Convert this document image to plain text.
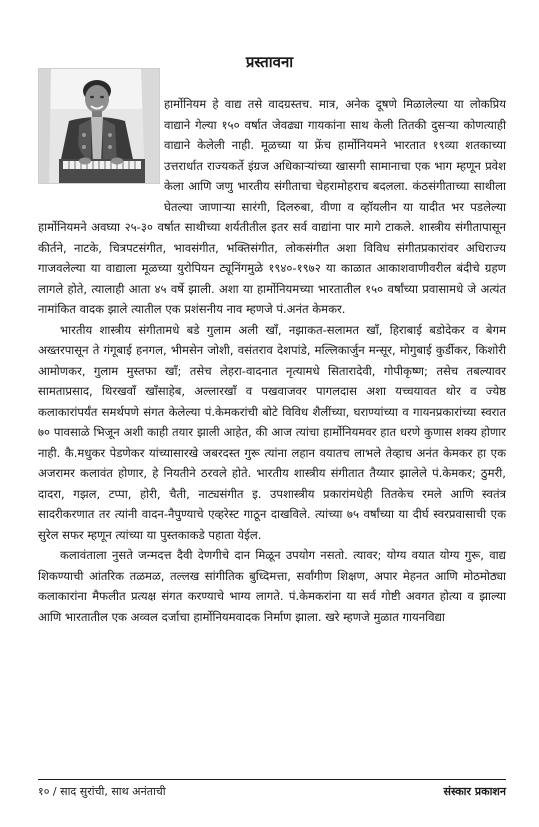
प्रस्तावना

हार्मोनियम हे वाद्य तसे वादग्रस्तच. मात्र, अनेक दूषणे मिळालेल्या या लोकप्रिय वाद्याने गेल्या १५० वर्षात जेवढ्या गायकांना साथ केली तितकी दुसऱ्या कोणत्याही वाद्याने केलेली नाही. मूळच्या या फ्रेंच हार्मोनियमने भारतात १९व्या शतकाच्या उत्तरार्धात राज्यकर्ते इंग्रज अधिकाऱ्यांच्या खासगी सामानाचा एक भाग म्हणून प्रवेश केला आणि जणु भारतीय संगीताचा चेहरामोहराच बदलला. कंठसंगीताच्या साथीला घेतल्या जाणाऱ्या सारंगी, दिलरुबा, वीणा व व्हॉयलीन या यादीत भर पडलेल्या हार्मोनियमने अवघ्या २५-३० वर्षात साथीच्या शर्यतीतील इतर सर्व वाद्यांना पार मागे टाकले. शास्त्रीय संगीतापासून कीर्तने, नाटके, चित्रपटसंगीत, भावसंगीत, भक्तिसंगीत, लोकसंगीत अशा विविध संगीतप्रकारांवर अधिराज्य गाजवलेल्या या वाद्याला मूळच्या युरोपियन ट्यूनिंगमुळे १९४०-१९७२ या काळात आकाशवाणीवरील बंदीचे ग्रहण लागले होते, त्यालाही आता ४५ वर्षे झाली. अशा या हार्मोनियमच्या भारतातील १५० वर्षांच्या प्रवासामधे जे अत्यंत नामांकित वादक झाले त्यातील एक प्रशंसनीय नाव म्हणजे पं.अनंत केमकर.

भारतीय शास्त्रीय संगीतामधे बडे गुलाम अली खाँ, नझाकत-सलामत खाँ, हिराबाई बडोदेकर व बेगम अख्तरपासून ते गंगूबाई हनगल, भीमसेन जोशी, वसंतराव देशपांडे, मल्लिकार्जुन मन्सूर, मोगुबाई कुर्डीकर, किशोरी आमोणकर, गुलाम मुस्तफा खाँ; तसेच लेहरा-वादनात नृत्यामधे सितारादेवी, गोपीकृष्ण; तसेच तबल्यावर सामताप्रसाद, थिरखवाँ खाँसाहेब, अल्लारखाँ व पखवाजवर पागलदास अशा यच्चयावत थोर व ज्येष्ठ कलाकारांपर्यंत समर्थपणे संगत केलेल्या पं.केमकरांची बोटे विविध शैलींच्या, घराण्यांच्या व गायनप्रकारांच्या स्वरात ७० पावसाळे भिजून अशी काही तयार झाली आहेत, की आज त्यांचा हार्मोनियमवर हात धरणे कुणास शक्य होणार नाही. कै.मधुकर पेडणेकर यांच्यासारखे जबरदस्त गुरू त्यांना लहान वयातच लाभले तेव्हाच अनंत केमकर हा एक अजरामर कलावंत होणार, हे नियतीने ठरवले होते. भारतीय शास्त्रीय संगीतात तैय्यार झालेले पं.केमकर; ठुमरी, दादरा, गझल, टप्पा, होरी, चैती, नाट्यसंगीत इ. उपशास्त्रीय प्रकारांमधेही तितकेच रमले आणि स्वतंत्र सादरीकरणात तर त्यांनी वादन-नैपुण्याचे एव्हरेस्ट गाठून दाखविले. त्यांच्या ७५ वर्षांच्या या दीर्घ स्वरप्रवासाची एक सुरेल सफर म्हणून त्यांच्या या पुस्तकाकडे पहाता येईल.

कलावंताला नुसते जन्मदत्त दैवी देणगीचे दान मिळून उपयोग नसतो. त्यावर; योग्य वयात योग्य गुरू, वाद्य शिकण्याची आंतरिक तळमळ, तल्लख सांगीतिक बुध्दिमत्ता, सर्वांगीण शिक्षण, अपार मेहनत आणि मोठमोठ्या कलाकारांना मैफलीत प्रत्यक्ष संगत करण्याचे भाग्य लागते. पं.केमकरांना या सर्व गोष्टी अवगत होत्या व झाल्या आणि भारतातील एक अव्वल दर्जाचा हार्मोनियमवादक निर्माण झाला. खरे म्हणजे मुळात गायनविद्या

१० / साद सुरांची, साथ अनंताची	संस्कार प्रकाशन
